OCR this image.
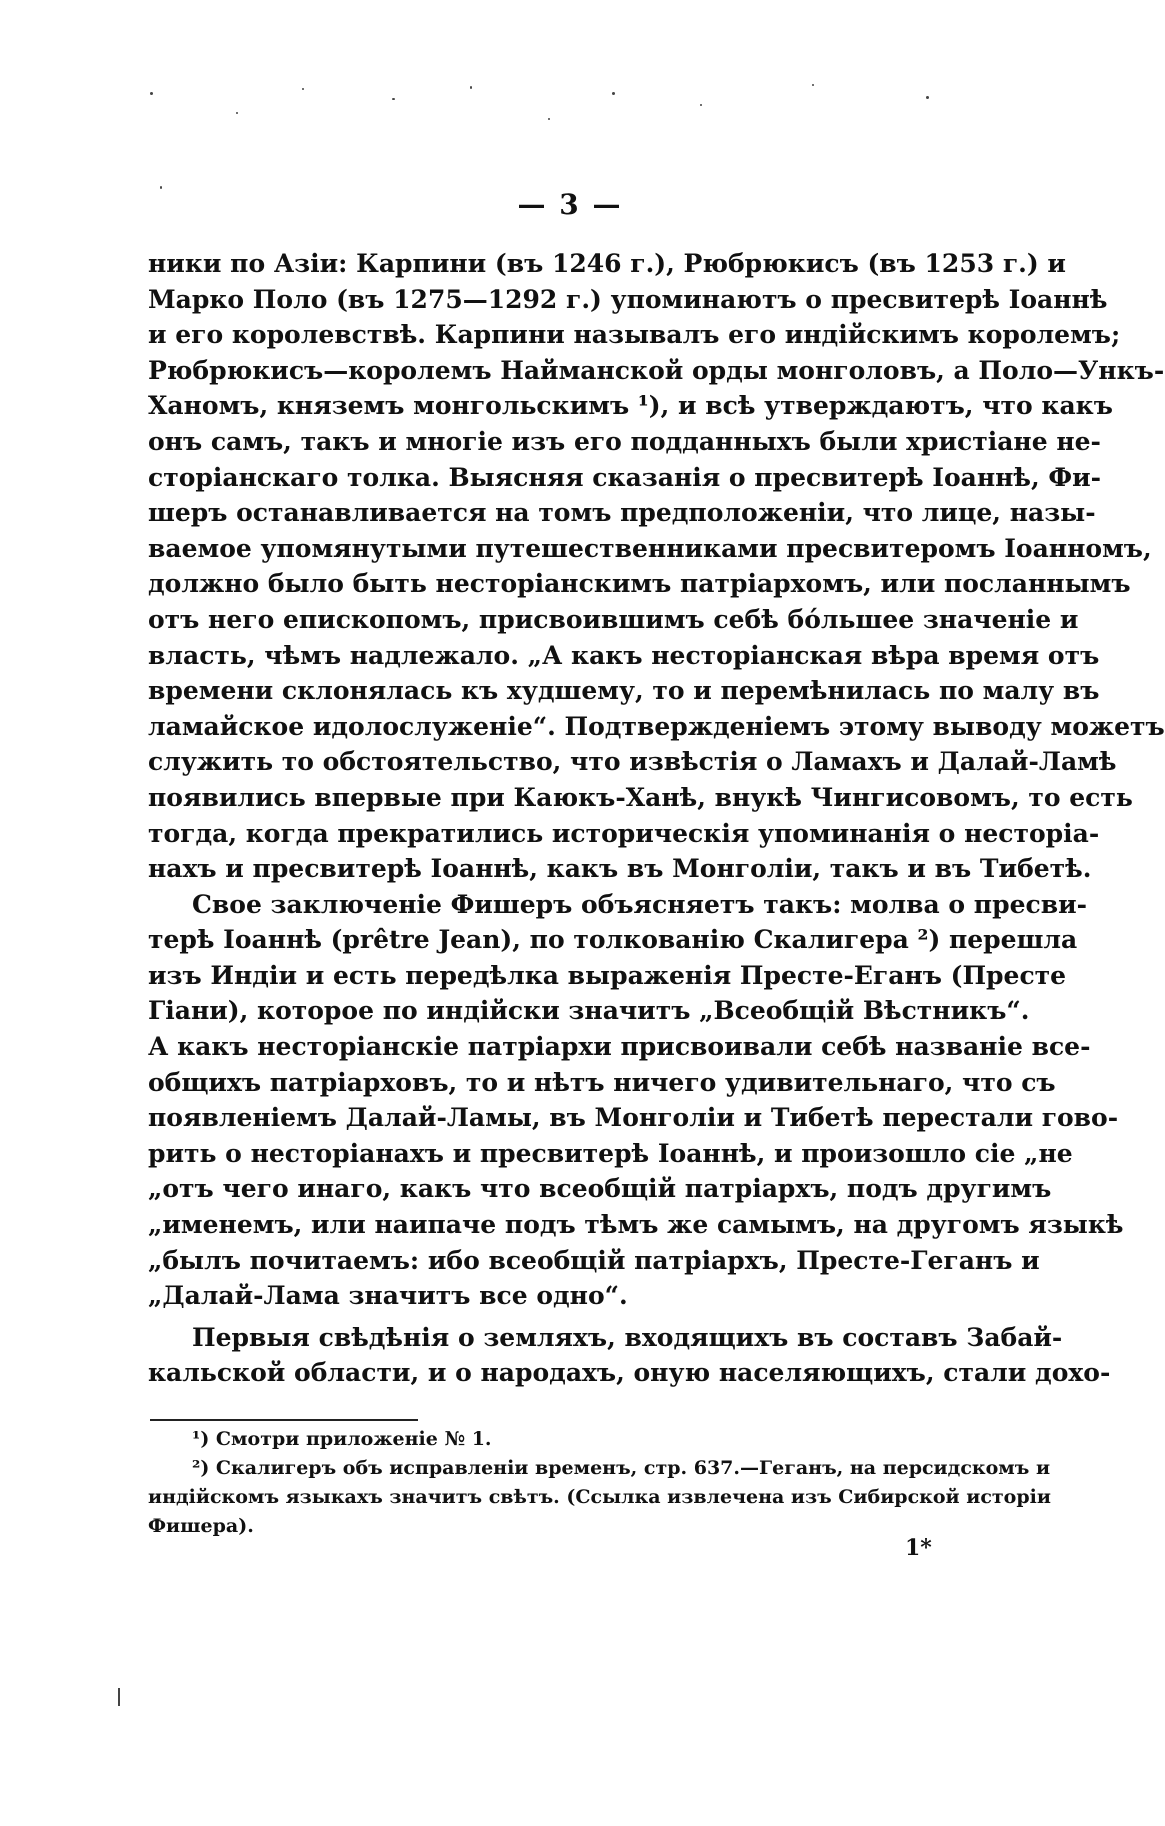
— 3 —

ники по Азіи: Карпини (въ 1246 г.), Рюбрюкисъ (въ 1253 г.) и
Марко Поло (въ 1275—1292 г.) упоминаютъ о пресвитерѣ Іоаннѣ
и его королевствѣ. Карпини называлъ его индійскимъ королемъ;
Рюбрюкисъ—королемъ Найманской орды монголовъ, а Поло—Ункъ-
Ханомъ, княземъ монгольскимъ ¹), и всѣ утверждаютъ, что какъ
онъ самъ, такъ и многіе изъ его подданныхъ были христіане не-
сторіанскаго толка. Выясняя сказанія о пресвитерѣ Іоаннѣ, Фи-
шеръ останавливается на томъ предположеніи, что лице, назы-
ваемое упомянутыми путешественниками пресвитеромъ Іоанномъ,
должно было быть несторіанскимъ патріархомъ, или посланнымъ
отъ него епископомъ, присвоившимъ себѣ бо́льшее значеніе и
власть, чѣмъ надлежало. „А какъ несторіанская вѣра время отъ
времени склонялась къ худшему, то и перемѣнилась по малу въ
ламайское идолослуженіе“. Подтвержденіемъ этому выводу можетъ
служить то обстоятельство, что извѣстія о Ламахъ и Далай-Ламѣ
появились впервые при Каюкъ-Ханѣ, внукѣ Чингисовомъ, то есть
тогда, когда прекратились историческія упоминанія о несторіа-
нахъ и пресвитерѣ Іоаннѣ, какъ въ Монголіи, такъ и въ Тибетѣ.

Свое заключеніе Фишеръ объясняетъ такъ: молва о пресви-
терѣ Іоаннѣ (prêtre Jean), по толкованію Скалигера ²) перешла
изъ Индіи и есть передѣлка выраженія Престе-Еганъ (Престе
Гіани), которое по индійски значитъ „Всеобщій Вѣстникъ“.
А какъ несторіанскіе патріархи присвоивали себѣ названіе все-
общихъ патріарховъ, то и нѣтъ ничего удивительнаго, что съ
появленіемъ Далай-Ламы, въ Монголіи и Тибетѣ перестали гово-
рить о несторіанахъ и пресвитерѣ Іоаннѣ, и произошло сіе „не
„отъ чего инаго, какъ что всеобщій патріархъ, подъ другимъ
„именемъ, или наипаче подъ тѣмъ же самымъ, на другомъ языкѣ
„былъ почитаемъ: ибо всеобщій патріархъ, Престе-Геганъ и
„Далай-Лама значитъ все одно“.

Первыя свѣдѣнія о земляхъ, входящихъ въ составъ Забай-
кальской области, и о народахъ, оную населяющихъ, стали дохо-

¹) Смотри приложеніе № 1.
²) Скалигеръ объ исправленіи временъ, стр. 637.—Геганъ, на персидскомъ и
индійскомъ языкахъ значитъ свѣтъ. (Ссылка извлечена изъ Сибирской исторіи
Фишера).
1*
